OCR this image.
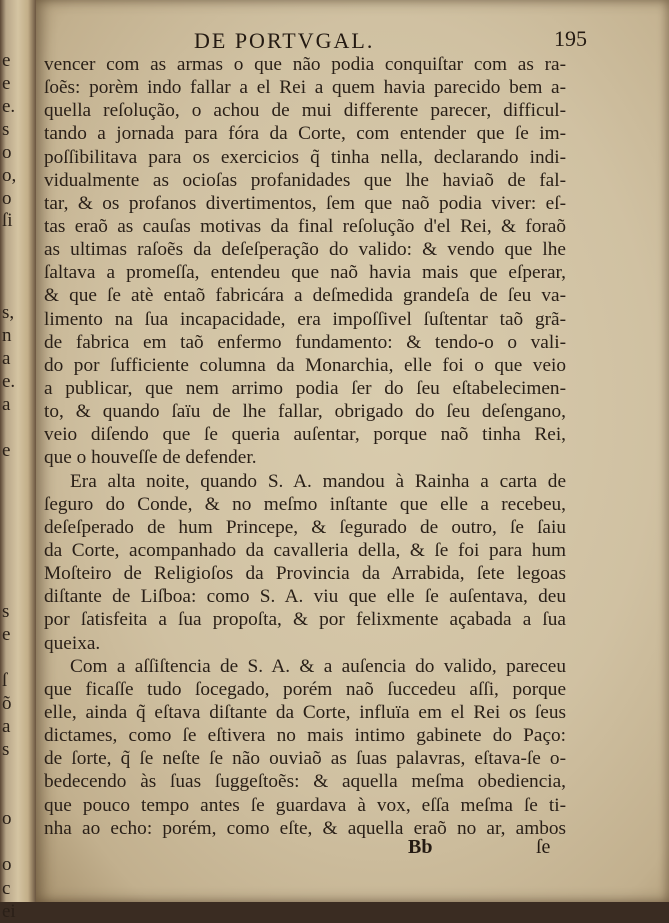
e
e
e.
s
o
o,
o
ſi
s,
n
a
e.
a
e
s
e
ſ
õ
a
s
o
o
c
ei
DE PORTVGAL.	195
vencer com as armas o que não podia conquiſtar com as ra-
ſoẽs: porèm indo fallar a el Rei a quem havia parecido bem a-
quella reſolução, o achou de mui differente parecer, difficul-
tando a jornada para fóra da Corte, com entender que ſe im-
poſſibilitava para os exercicios q̃ tinha nella, declarando indi-
vidualmente as ocioſas profanidades que lhe haviaõ de fal-
tar, & os profanos divertimentos, ſem que naõ podia viver: eſ-
tas eraõ as cauſas motivas da final reſolução d'el Rei, & foraõ
as ultimas raſoẽs da deſeſperação do valido: & vendo que lhe
ſaltava a promeſſa, entendeu que naõ havia mais que eſperar,
& que ſe atè entaõ fabricára a deſmedida grandeſa de ſeu va-
limento na ſua incapacidade, era impoſſivel ſuſtentar taõ grã-
de fabrica em taõ enfermo fundamento: & tendo-o o vali-
do por ſufficiente columna da Monarchia, elle foi o que veio
a publicar, que nem arrimo podia ſer do ſeu eſtabelecimen-
to, & quando ſaïu de lhe fallar, obrigado do ſeu deſengano,
veio diſendo que ſe queria auſentar, porque naõ tinha Rei,
que o houveſſe de defender.
Era alta noite, quando S. A. mandou à Rainha a carta de
ſeguro do Conde, & no meſmo inſtante que elle a recebeu,
deſeſperado de hum Princepe, & ſegurado de outro, ſe ſaiu
da Corte, acompanhado da cavalleria della, & ſe foi para hum
Moſteiro de Religioſos da Provincia da Arrabida, ſete legoas
diſtante de Liſboa: como S. A. viu que elle ſe auſentava, deu
por ſatisfeita a ſua propoſta, & por felixmente açabada a ſua
queixa.
Com a aſſiſtencia de S. A. & a auſencia do valido, pareceu
que ficaſſe tudo ſocegado, porém naõ ſuccedeu aſſi, porque
elle, ainda q̃ eſtava diſtante da Corte, influïa em el Rei os ſeus
dictames, como ſe eſtivera no mais intimo gabinete do Paço:
de ſorte, q̃ ſe neſte ſe não ouviaõ as ſuas palavras, eſtava-ſe o-
bedecendo às ſuas ſuggeſtoẽs: & aquella meſma obediencia,
que pouco tempo antes ſe guardava à vox, eſſa meſma ſe ti-
nha ao echo: porém, como eſte, & aquella eraõ no ar, ambos
Bb	ſe
